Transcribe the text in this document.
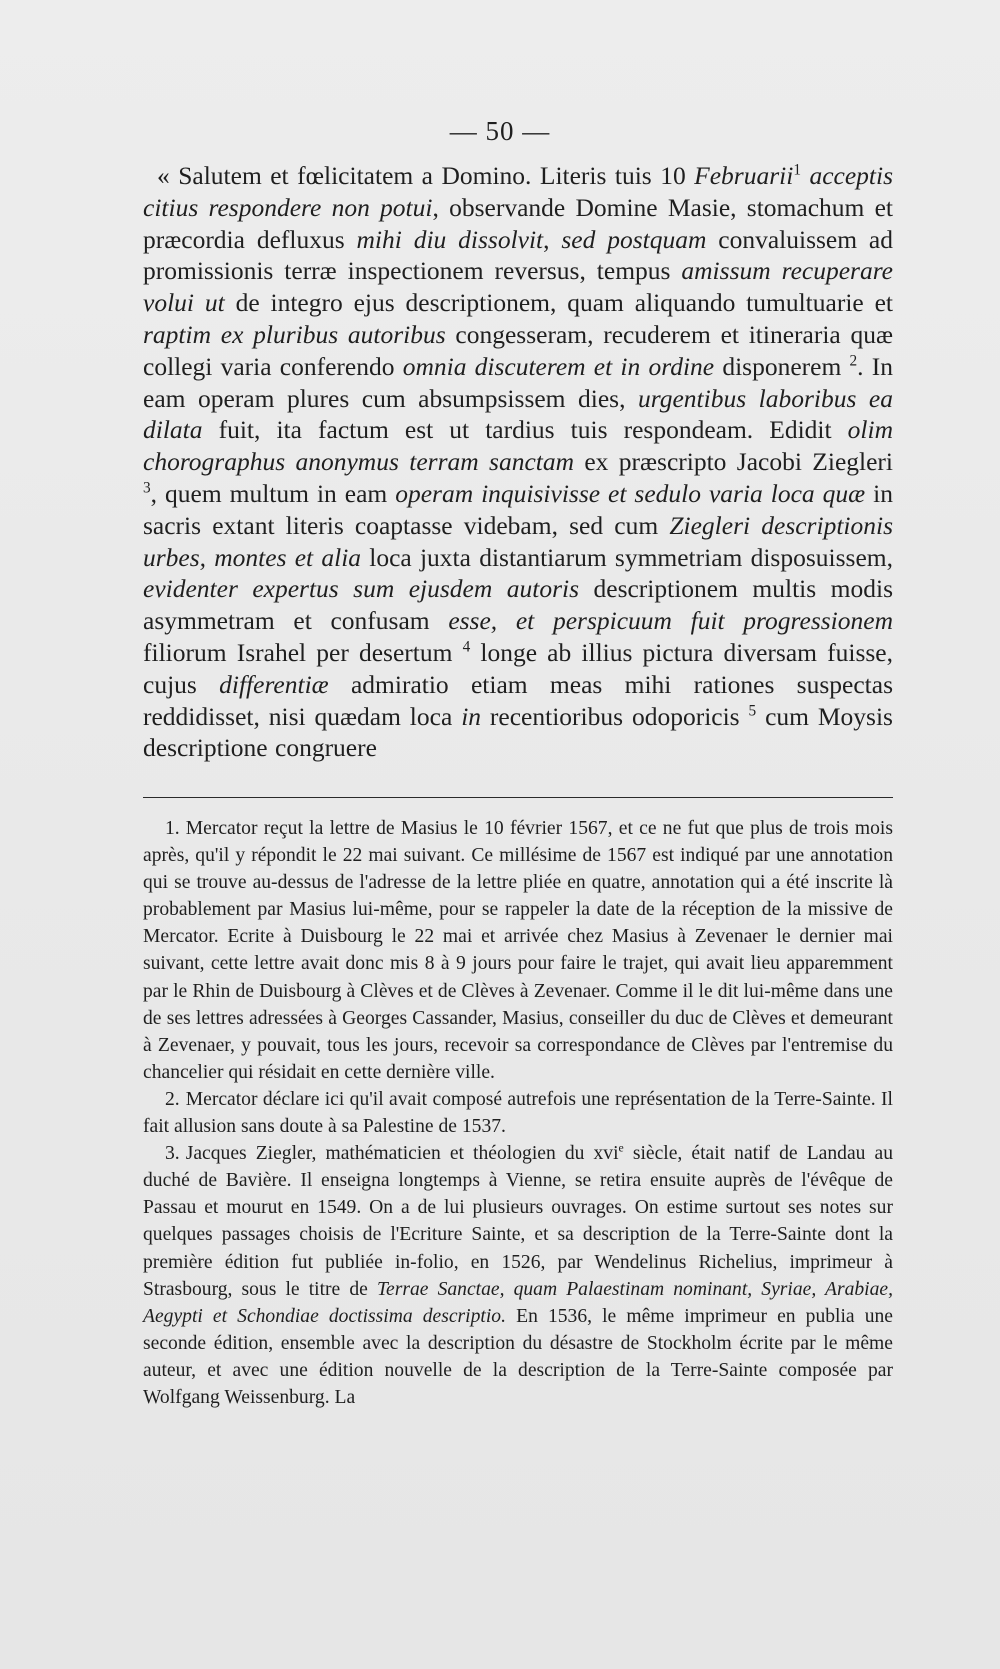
— 50 —

« Salutem et fœlicitatem a Domino. Literis tuis 10 Februarii$^1$ acceptis citius respondere non potui, observande Domine Masie, stomachum et præcordia defluxus mihi diu dissolvit, sed postquam convaluissem ad promissionis terræ inspectionem reversus, tempus amissum recuperare volui ut de integro ejus descriptionem, quam aliquando tumultuarie et raptim ex pluribus autoribus congesseram, recuderem et itineraria quæ collegi varia conferendo omnia discuterem et in ordine disponerem $^2$. In eam operam plures cum absumpsissem dies, urgentibus laboribus ea dilata fuit, ita factum est ut tardius tuis respondeam. Edidit olim chorographus anonymus terram sanctam ex præscripto Jacobi Ziegleri $^3$, quem multum in eam operam inquisivisse et sedulo varia loca quæ in sacris extant literis coaptasse videbam, sed cum Ziegleri descriptionis urbes, montes et alia loca juxta distantiarum symmetriam disposuissem, evidenter expertus sum ejusdem autoris descriptionem multis modis asymmetram et confusam esse, et perspicuum fuit progressionem filiorum Israhel per desertum $^4$ longe ab illius pictura diversam fuisse, cujus differentiæ admiratio etiam meas mihi rationes suspectas reddidisset, nisi quædam loca in recentioribus odoporicis $^5$ cum Moysis descriptione congruere

1. Mercator reçut la lettre de Masius le 10 février 1567, et ce ne fut que plus de trois mois après, qu'il y répondit le 22 mai suivant. Ce millésime de 1567 est indiqué par une annotation qui se trouve au-dessus de l'adresse de la lettre pliée en quatre, annotation qui a été inscrite là probablement par Masius lui-même, pour se rappeler la date de la réception de la missive de Mercator. Ecrite à Duisbourg le 22 mai et arrivée chez Masius à Zevenaer le dernier mai suivant, cette lettre avait donc mis 8 à 9 jours pour faire le trajet, qui avait lieu apparemment par le Rhin de Duisbourg à Clèves et de Clèves à Zevenaer. Comme il le dit lui-même dans une de ses lettres adressées à Georges Cassander, Masius, conseiller du duc de Clèves et demeurant à Zevenaer, y pouvait, tous les jours, recevoir sa correspondance de Clèves par l'entremise du chancelier qui résidait en cette dernière ville.

2. Mercator déclare ici qu'il avait composé autrefois une représentation de la Terre-Sainte. Il fait allusion sans doute à sa Palestine de 1537.

3. Jacques Ziegler, mathématicien et théologien du xvi$^e$ siècle, était natif de Landau au duché de Bavière. Il enseigna longtemps à Vienne, se retira ensuite auprès de l'évêque de Passau et mourut en 1549. On a de lui plusieurs ouvrages. On estime surtout ses notes sur quelques passages choisis de l'Ecriture Sainte, et sa description de la Terre-Sainte dont la première édition fut publiée in-folio, en 1526, par Wendelinus Richelius, imprimeur à Strasbourg, sous le titre de Terrae Sanctae, quam Palaestinam nominant, Syriae, Arabiae, Aegypti et Schondiae doctissima descriptio. En 1536, le même imprimeur en publia une seconde édition, ensemble avec la description du désastre de Stockholm écrite par le même auteur, et avec une édition nouvelle de la description de la Terre-Sainte composée par Wolfgang Weissenburg. La
